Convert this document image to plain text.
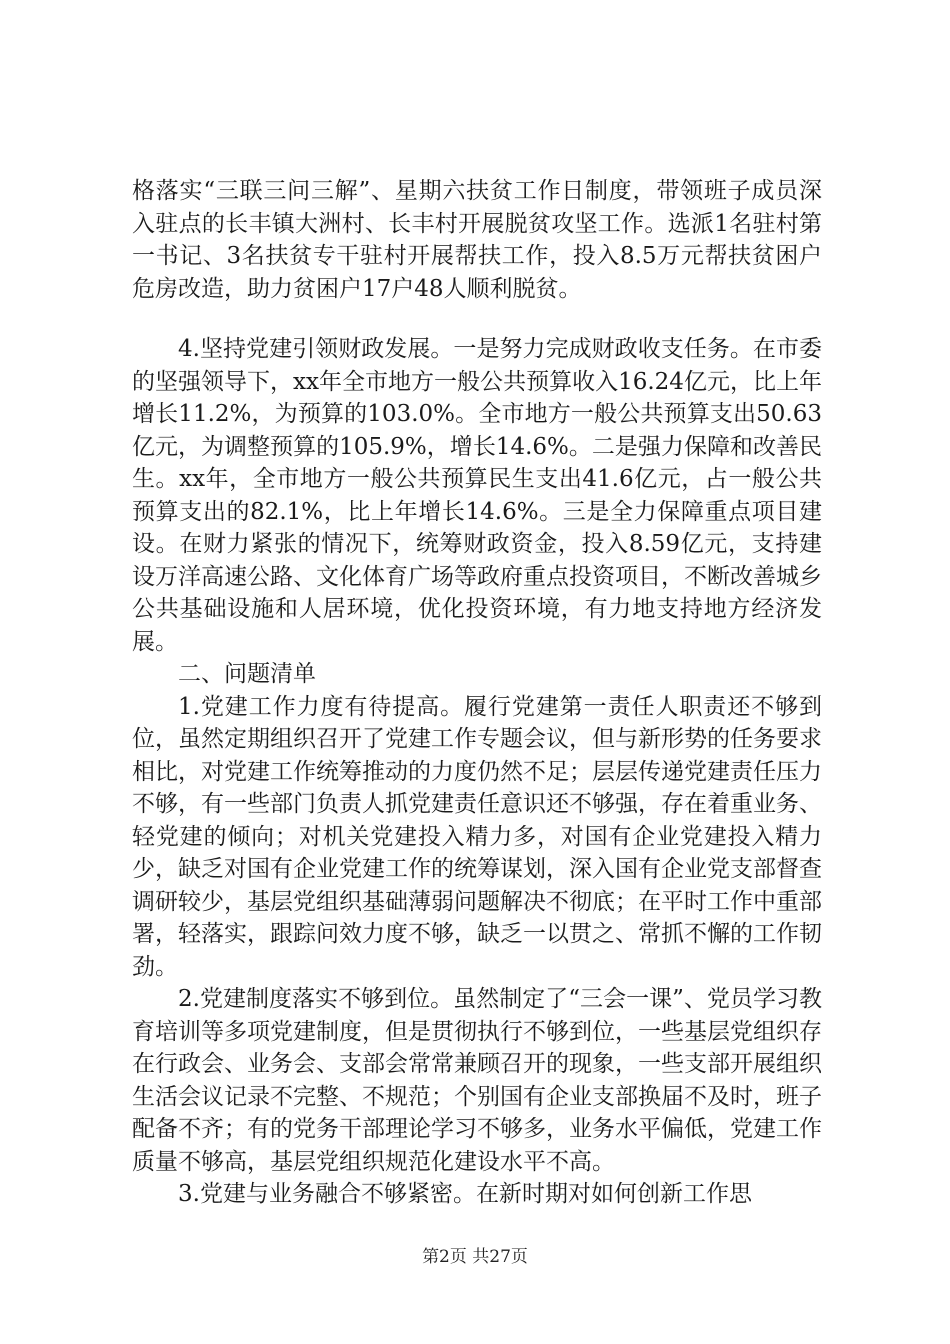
格落实“三联三问三解”、星期六扶贫工作日制度，带领班子成员深入驻点的长丰镇大洲村、长丰村开展脱贫攻坚工作。选派1名驻村第一书记、3名扶贫专干驻村开展帮扶工作，投入8.5万元帮扶贫困户危房改造，助力贫困户17户48人顺利脱贫。

4.坚持党建引领财政发展。一是努力完成财政收支任务。在市委的坚强领导下，xx年全市地方一般公共预算收入16.24亿元，比上年增长11.2%，为预算的103.0%。全市地方一般公共预算支出50.63亿元，为调整预算的105.9%，增长14.6%。二是强力保障和改善民生。xx年，全市地方一般公共预算民生支出41.6亿元，占一般公共预算支出的82.1%，比上年增长14.6%。三是全力保障重点项目建设。在财力紧张的情况下，统筹财政资金，投入8.59亿元，支持建设万洋高速公路、文化体育广场等政府重点投资项目，不断改善城乡公共基础设施和人居环境，优化投资环境，有力地支持地方经济发展。

二、问题清单

1.党建工作力度有待提高。履行党建第一责任人职责还不够到位，虽然定期组织召开了党建工作专题会议，但与新形势的任务要求相比，对党建工作统筹推动的力度仍然不足；层层传递党建责任压力不够，有一些部门负责人抓党建责任意识还不够强，存在着重业务、轻党建的倾向；对机关党建投入精力多，对国有企业党建投入精力少，缺乏对国有企业党建工作的统筹谋划，深入国有企业党支部督查调研较少，基层党组织基础薄弱问题解决不彻底；在平时工作中重部署，轻落实，跟踪问效力度不够，缺乏一以贯之、常抓不懈的工作韧劲。

2.党建制度落实不够到位。虽然制定了“三会一课”、党员学习教育培训等多项党建制度，但是贯彻执行不够到位，一些基层党组织存在行政会、业务会、支部会常常兼顾召开的现象，一些支部开展组织生活会议记录不完整、不规范；个别国有企业支部换届不及时，班子配备不齐；有的党务干部理论学习不够多，业务水平偏低，党建工作质量不够高，基层党组织规范化建设水平不高。

3.党建与业务融合不够紧密。在新时期对如何创新工作思

第2页 共27页
